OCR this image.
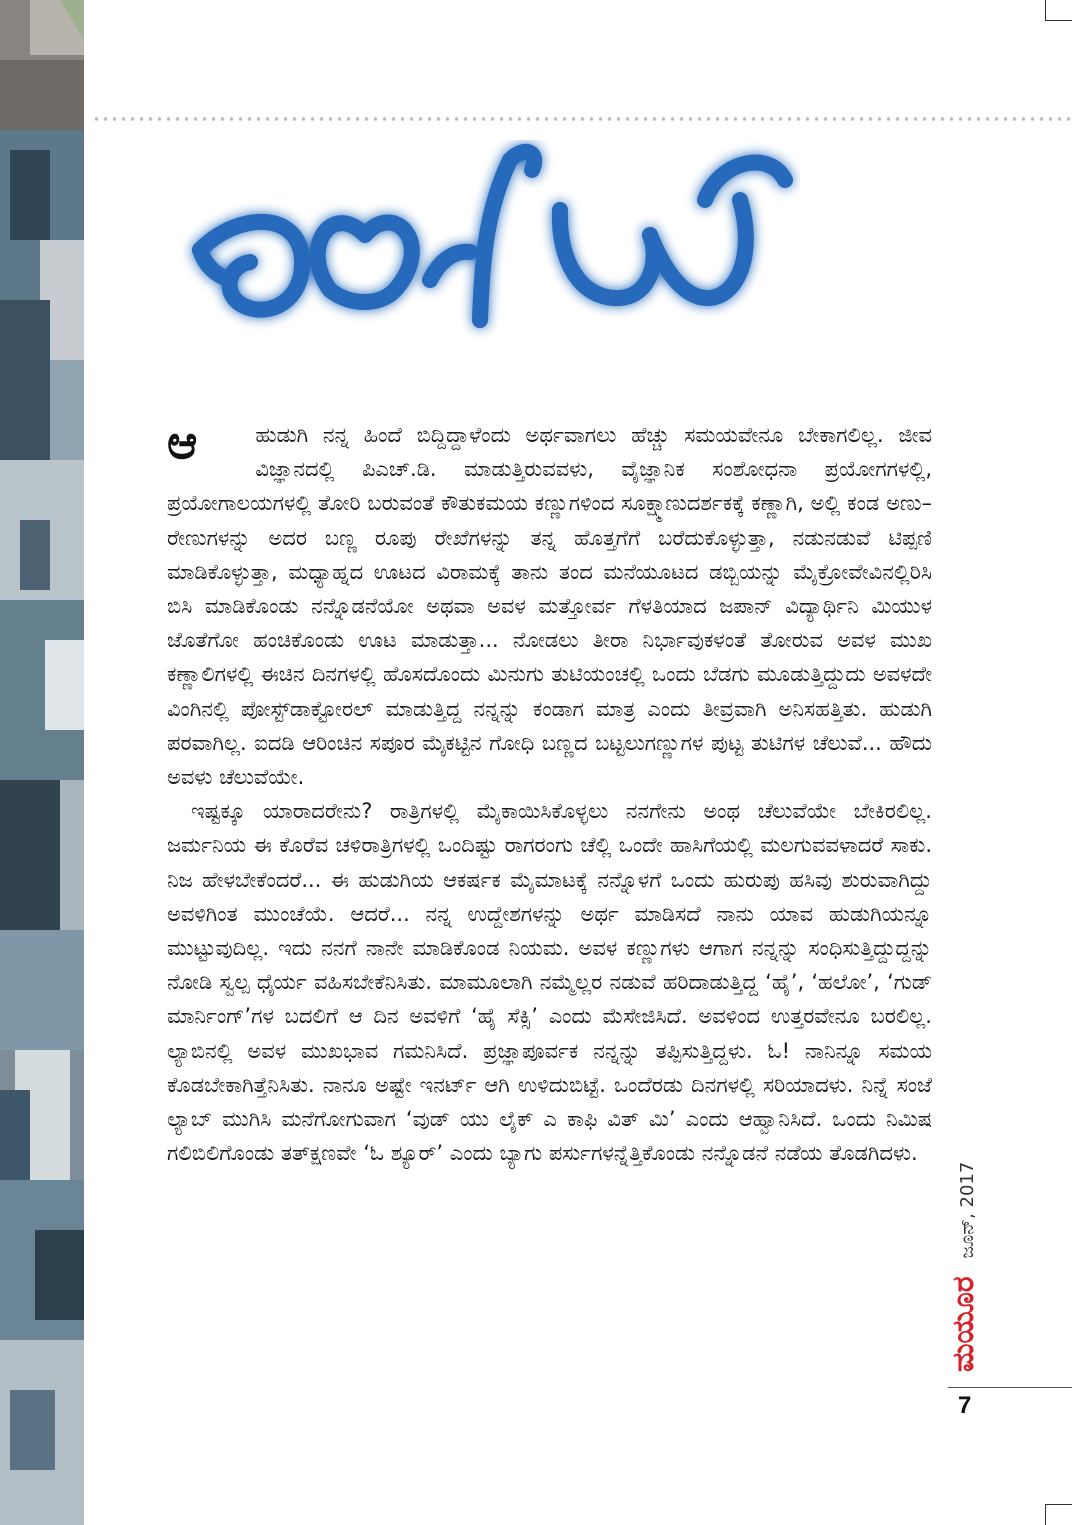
ಆ	ಹುಡುಗಿ ನನ್ನ ಹಿಂದೆ ಬಿದ್ದಿದ್ದಾಳೆಂದು ಅರ್ಥವಾಗಲು ಹೆಚ್ಚು ಸಮಯವೇನೂ ಬೇಕಾಗಲಿಲ್ಲ. ಜೀವ ವಿಜ್ಞಾನದಲ್ಲಿ ಪಿಎಚ್.ಡಿ. ಮಾಡುತ್ತಿರುವವಳು, ವೈಜ್ಞಾನಿಕ ಸಂಶೋಧನಾ ಪ್ರಯೋಗಗಳಲ್ಲಿ, ಪ್ರಯೋಗಾಲಯಗಳಲ್ಲಿ ತೋರಿ ಬರುವಂತೆ ಕೌತುಕಮಯ ಕಣ್ಣುಗಳಿಂದ ಸೂಕ್ಷ್ಮಾಣುದರ್ಶಕಕ್ಕೆ ಕಣ್ಣಾಗಿ, ಅಲ್ಲಿ ಕಂಡ ಅಣು–ರೇಣುಗಳನ್ನು ಅದರ ಬಣ್ಣ ರೂಪು ರೇಖೆಗಳನ್ನು ತನ್ನ ಹೊತ್ತಗೆಗೆ ಬರೆದುಕೊಳ್ಳುತ್ತಾ, ನಡುನಡುವೆ ಟಿಪ್ಪಣಿ ಮಾಡಿಕೊಳ್ಳುತ್ತಾ, ಮಧ್ಯಾಹ್ನದ ಊಟದ ವಿರಾಮಕ್ಕೆ ತಾನು ತಂದ ಮನೆಯೂಟದ ಡಬ್ಬಿಯನ್ನು ಮೈಕ್ರೋವೇವಿನಲ್ಲಿರಿಸಿ ಬಿಸಿ ಮಾಡಿಕೊಂಡು ನನ್ನೊಡನೆಯೋ ಅಥವಾ ಅವಳ ಮತ್ತೋರ್ವ ಗೆಳತಿಯಾದ ಜಪಾನ್ ವಿದ್ಯಾರ್ಥಿನಿ ಮಿಯುಳ ಜೊತೆಗೋ ಹಂಚಿಕೊಂಡು ಊಟ ಮಾಡುತ್ತಾ... ನೋಡಲು ತೀರಾ ನಿರ್ಭಾವುಕಳಂತೆ ತೋರುವ ಅವಳ ಮುಖ ಕಣ್ಣಾಲಿಗಳಲ್ಲಿ ಈಚಿನ ದಿನಗಳಲ್ಲಿ ಹೊಸದೊಂದು ಮಿನುಗು ತುಟಿಯಂಚಲ್ಲಿ ಒಂದು ಬೆಡಗು ಮೂಡುತ್ತಿದ್ದುದು ಅವಳದೇ ವಿಂಗಿನಲ್ಲಿ ಪೋಸ್ಟ್‌ಡಾಕ್ಟೋರಲ್ ಮಾಡುತ್ತಿದ್ದ ನನ್ನನ್ನು ಕಂಡಾಗ ಮಾತ್ರ ಎಂದು ತೀವ್ರವಾಗಿ ಅನಿಸಹತ್ತಿತು. ಹುಡುಗಿ ಪರವಾಗಿಲ್ಲ. ಐದಡಿ ಆರಿಂಚಿನ ಸಪೂರ ಮೈಕಟ್ಟಿನ ಗೋಧಿ ಬಣ್ಣದ ಬಟ್ಟಲುಗಣ್ಣುಗಳ ಪುಟ್ಟ ತುಟಿಗಳ ಚೆಲುವೆ... ಹೌದು ಅವಳು ಚೆಲುವೆಯೇ.

ಇಷ್ಟಕ್ಕೂ ಯಾರಾದರೇನು? ರಾತ್ರಿಗಳಲ್ಲಿ ಮೈಕಾಯಿಸಿಕೊಳ್ಳಲು ನನಗೇನು ಅಂಥ ಚೆಲುವೆಯೇ ಬೇಕಿರಲಿಲ್ಲ. ಜರ್ಮನಿಯ ಈ ಕೊರೆವ ಚಳಿರಾತ್ರಿಗಳಲ್ಲಿ ಒಂದಿಷ್ಟು ರಾಗರಂಗು ಚೆಲ್ಲಿ ಒಂದೇ ಹಾಸಿಗೆಯಲ್ಲಿ ಮಲಗುವವಳಾದರೆ ಸಾಕು. ನಿಜ ಹೇಳಬೇಕೆಂದರೆ... ಈ ಹುಡುಗಿಯ ಆಕರ್ಷಕ ಮೈಮಾಟಕ್ಕೆ ನನ್ನೊಳಗೆ ಒಂದು ಹುರುಪು ಹಸಿವು ಶುರುವಾಗಿದ್ದು ಅವಳಿಗಿಂತ ಮುಂಚೆಯೆ. ಆದರೆ... ನನ್ನ ಉದ್ದೇಶಗಳನ್ನು ಅರ್ಥ ಮಾಡಿಸದೆ ನಾನು ಯಾವ ಹುಡುಗಿಯನ್ನೂ ಮುಟ್ಟುವುದಿಲ್ಲ. ಇದು ನನಗೆ ನಾನೇ ಮಾಡಿಕೊಂಡ ನಿಯಮ. ಅವಳ ಕಣ್ಣುಗಳು ಆಗಾಗ ನನ್ನನ್ನು ಸಂಧಿಸುತ್ತಿದ್ದುದ್ದನ್ನು ನೋಡಿ ಸ್ವಲ್ಪ ಧೈರ್ಯ ವಹಿಸಬೇಕೆನಿಸಿತು. ಮಾಮೂಲಾಗಿ ನಮ್ಮೆಲ್ಲರ ನಡುವೆ ಹರಿದಾಡುತ್ತಿದ್ದ ‘ಹೈ’, ‘ಹಲೋ’, ‘ಗುಡ್ ಮಾರ್ನಿಂಗ್’ಗಳ ಬದಲಿಗೆ ಆ ದಿನ ಅವಳಿಗೆ ‘ಹೈ ಸೆಕ್ಸಿ’ ಎಂದು ಮೆಸೇಜಿಸಿದೆ. ಅವಳಿಂದ ಉತ್ತರವೇನೂ ಬರಲಿಲ್ಲ. ಲ್ಯಾಬಿನಲ್ಲಿ ಅವಳ ಮುಖಭಾವ ಗಮನಿಸಿದೆ. ಪ್ರಜ್ಞಾಪೂರ್ವಕ ನನ್ನನ್ನು ತಪ್ಪಿಸುತ್ತಿದ್ದಳು. ಓ! ನಾನಿನ್ನೂ ಸಮಯ ಕೊಡಬೇಕಾಗಿತ್ತೆನಿಸಿತು. ನಾನೂ ಅಷ್ಟೇ ಇನರ್ಟ್ ಆಗಿ ಉಳಿದುಬಿಟ್ಟೆ. ಒಂದೆರಡು ದಿನಗಳಲ್ಲಿ ಸರಿಯಾದಳು. ನಿನ್ನೆ ಸಂಜೆ ಲ್ಯಾಬ್ ಮುಗಿಸಿ ಮನೆಗೋಗುವಾಗ ‘ವುಡ್ ಯು ಲೈಕ್ ಎ ಕಾಫಿ ವಿತ್ ಮಿ’ ಎಂದು ಆಹ್ವಾನಿಸಿದೆ. ಒಂದು ನಿಮಿಷ ಗಲಿಬಿಲಿಗೊಂಡು ತತ್‌ಕ್ಷಣವೇ ‘ಓ ಶ್ಯೂರ್’ ಎಂದು ಬ್ಯಾಗು ಪರ್ಸುಗಳನ್ನೆತ್ತಿಕೊಂಡು ನನ್ನೊಡನೆ ನಡೆಯ ತೊಡಗಿದಳು.

ಮಯೂರ
ಜೂನ್, 2017
7
